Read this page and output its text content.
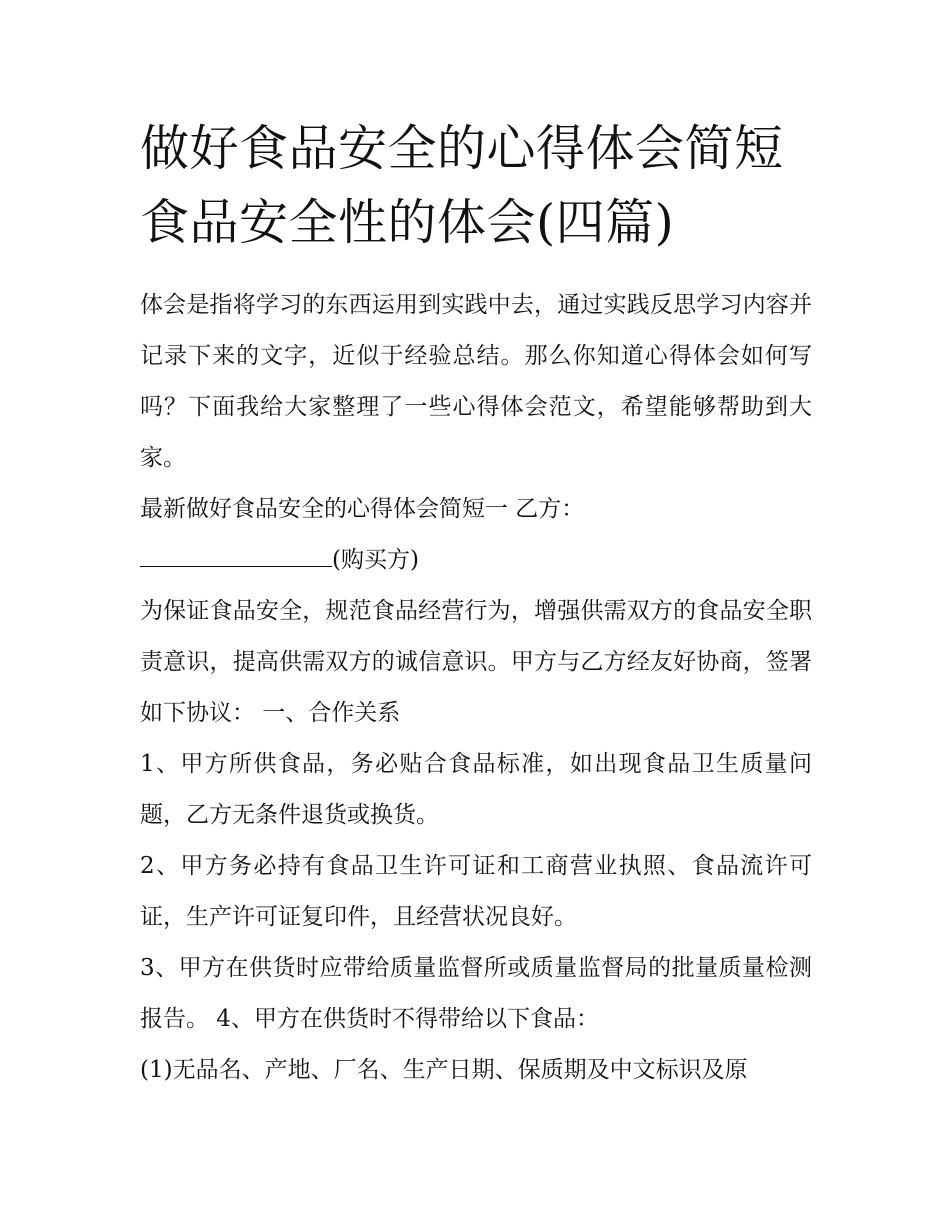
做好食品安全的心得体会简短
食品安全性的体会(四篇)

体会是指将学习的东西运用到实践中去，通过实践反思学习内容并记录下来的文字，近似于经验总结。那么你知道心得体会如何写吗？下面我给大家整理了一些心得体会范文，希望能够帮助到大家。

最新做好食品安全的心得体会简短一 乙方：

(购买方)

为保证食品安全，规范食品经营行为，增强供需双方的食品安全职责意识，提高供需双方的诚信意识。甲方与乙方经友好协商，签署如下协议： 一、合作关系

1、甲方所供食品，务必贴合食品标准，如出现食品卫生质量问题，乙方无条件退货或换货。

2、甲方务必持有食品卫生许可证和工商营业执照、食品流许可证，生产许可证复印件，且经营状况良好。

3、甲方在供货时应带给质量监督所或质量监督局的批量质量检测报告。 4、甲方在供货时不得带给以下食品：

(1)无品名、产地、厂名、生产日期、保质期及中文标识及原
